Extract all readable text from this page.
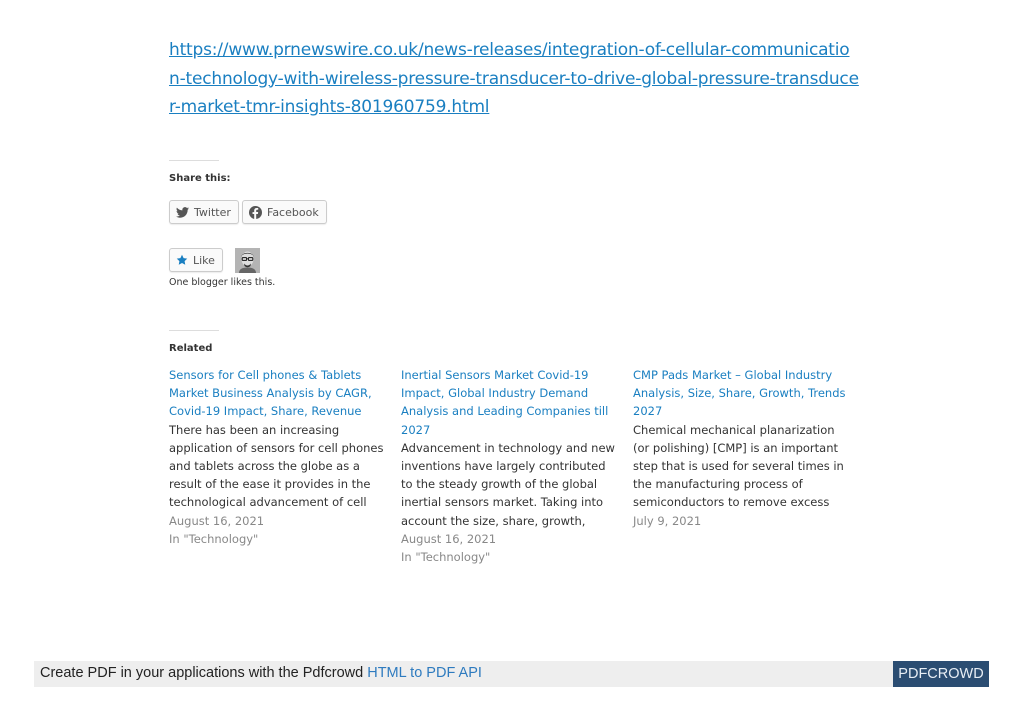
https://www.prnewswire.co.uk/news-releases/integration-of-cellular-communication-technology-with-wireless-pressure-transducer-to-drive-global-pressure-transducer-market-tmr-insights-801960759.html
Share this:
Twitter	Facebook
Like
One blogger likes this.
Related
Sensors for Cell phones & Tablets Market Business Analysis by CAGR, Covid-19 Impact, Share, Revenue
There has been an increasing application of sensors for cell phones and tablets across the globe as a result of the ease it provides in the technological advancement of cell
August 16, 2021
In "Technology"
Inertial Sensors Market Covid-19 Impact, Global Industry Demand Analysis and Leading Companies till 2027
Advancement in technology and new inventions have largely contributed to the steady growth of the global inertial sensors market. Taking into account the size, share, growth,
August 16, 2021
In "Technology"
CMP Pads Market – Global Industry Analysis, Size, Share, Growth, Trends 2027
Chemical mechanical planarization (or polishing) [CMP] is an important step that is used for several times in the manufacturing process of semiconductors to remove excess
July 9, 2021
Create PDF in your applications with the Pdfcrowd HTML to PDF API	PDFCROWD
